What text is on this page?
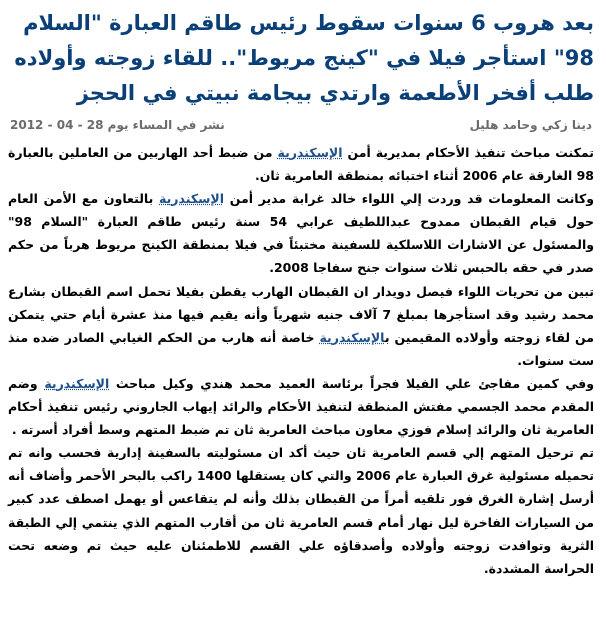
بعد هروب 6 سنوات سقوط رئيس طاقم العبارة "السلام 98" استأجر فيلا في "كينج مريوط".. للقاء زوجته وأولاده طلب أفخر الأطعمة وارتدي بيجامة نبيتي في الحجز
دينا زكي وحامد هليل
نشر في المساء يوم 28 - 04 - 2012

تمكنت مباحث تنفيذ الأحكام بمديرية أمن الإسكندرية من ضبط أحد الهاربين من العاملين بالعبارة 98 الغارقة عام 2006 أثناء اختبائه بمنطقة العامرية ثان.

وكانت المعلومات قد وردت إلي اللواء خالد غرابة مدير أمن الإسكندرية بالتعاون مع الأمن العام حول قيام القبطان ممدوح عبداللطيف عرابي 54 سنة رئيس طاقم العبارة "السلام 98" والمسئول عن الاشارات اللاسلكية للسفينة مختبئاً في فيلا بمنطقة الكينج مريوط هرباً من حكم صدر في حقه بالحبس ثلاث سنوات جنح سفاجا 2008.

تبين من تحريات اللواء فيصل دويدار ان القبطان الهارب يقطن بفيلا تحمل اسم القبطان بشارع محمد رشيد وقد استأجرها بمبلغ 7 آلاف جنيه شهرياً وأنه يقيم فيها منذ عشرة أيام حتي يتمكن من لقاء زوجته وأولاده المقيمين بالإسكندرية خاصة أنه هارب من الحكم الغيابي الصادر ضده منذ ست سنوات.

وفي كمين مفاجئ علي الفيلا فجراً برئاسة العميد محمد هندي وكيل مباحث الإسكندرية وضم المقدم محمد الجسمي مفتش المنطقة لتنفيذ الأحكام والرائد إيهاب الجاروني رئيس تنفيذ أحكام العامرية ثان والرائد إسلام فوزي معاون مباحث العامرية ثان تم ضبط المتهم وسط أفراد أسرته .

تم ترحيل المتهم إلي قسم العامرية ثان حيث أكد ان مسئوليته بالسفينة إدارية فحسب وانه تم تحميله مسئولية غرق العبارة عام 2006 والتي كان يستقلها 1400 راكب بالبحر الأحمر وأضاف أنه أرسل إشارة الغرق فور تلقيه أمراً من القبطان بذلك وأنه لم يتقاعس أو يهمل اصطف عدد كبير من السيارات الفاخرة ليل نهار أمام قسم العامرية ثان من أقارب المتهم الذي ينتمي إلي الطبقة الثرية وتوافدت زوجته وأولاده وأصدقاؤه علي القسم للاطمئنان عليه حيث تم وضعه تحت الحراسة المشددة.
